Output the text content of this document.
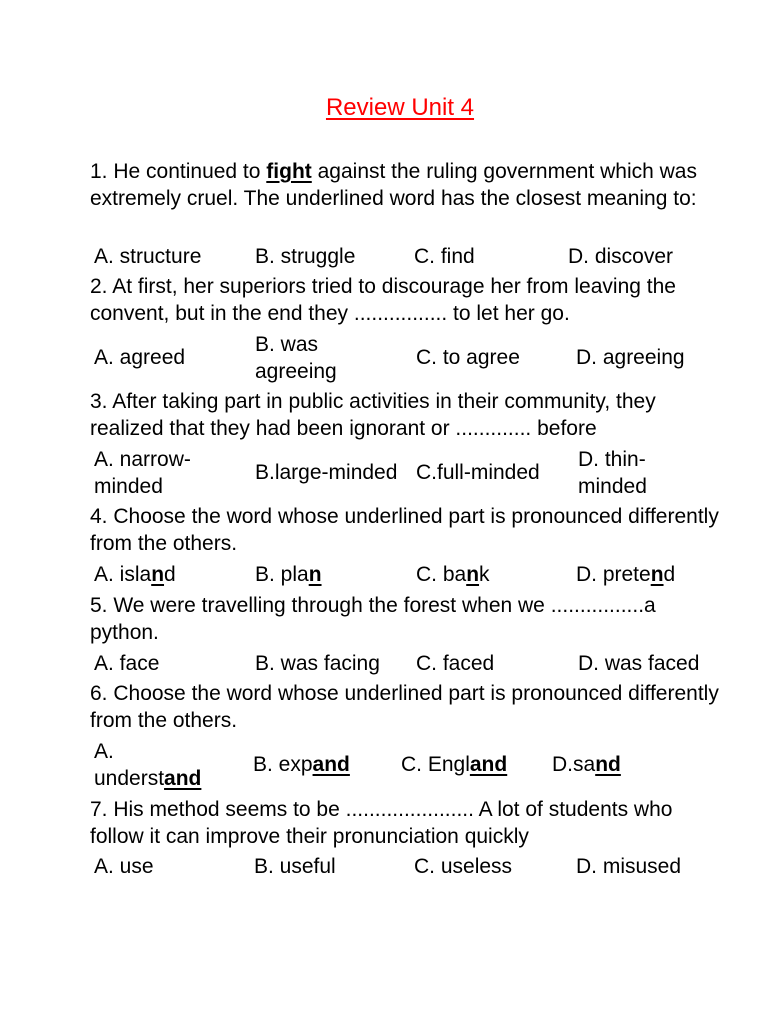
Review Unit 4
1. He continued to fight against the ruling government which was extremely cruel. The underlined word has the closest meaning to:
A. structure	B. struggle	C. find	D. discover
2. At first, her superiors tried to discourage her from leaving the convent, but in the end they ................ to let her go.
A. agreed
B. was
agreeing
C. to agree	D. agreeing
3. After taking part in public activities in their community, they realized that they had been ignorant or ............. before
A. narrow-
minded
B.large-minded C.full-minded
D. thin-
minded
4. Choose the word whose underlined part is pronounced differently from the others.
A. island	B. plan	C. bank	D. pretend
5. We were travelling through the forest when we ................a python.
A. face	B. was facing C. faced	D. was faced
6. Choose the word whose underlined part is pronounced differently from the others.
A.
understand
B. expand C. England D.sand
7. His method seems to be ...................... A lot of students who follow it can improve their pronunciation quickly
A. use	B. useful	C. useless	D. misused
